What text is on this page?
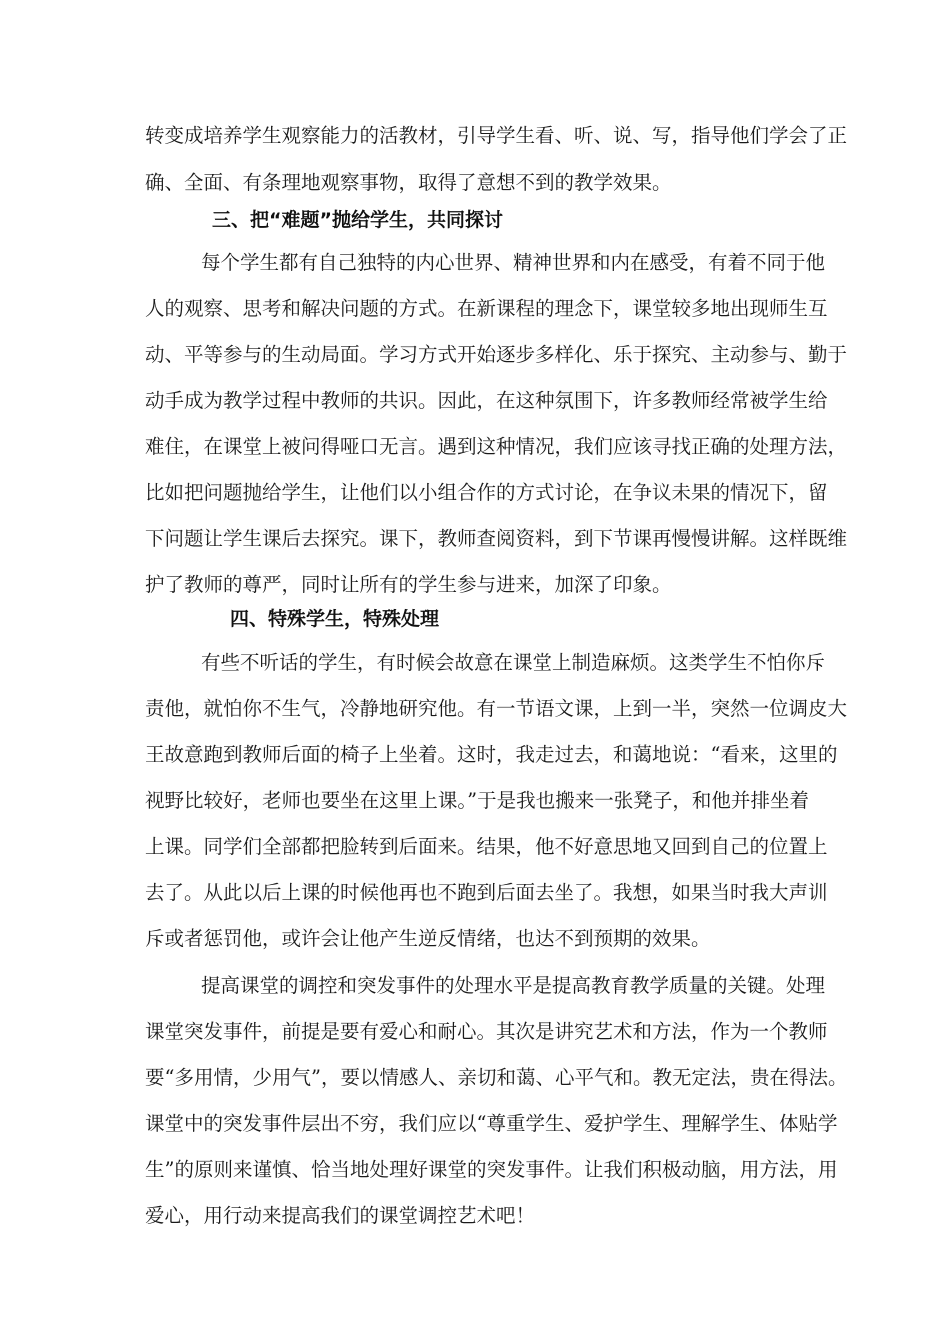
转变成培养学生观察能力的活教材，引导学生看、听、说、写，指导他们学会了正
确、全面、有条理地观察事物，取得了意想不到的教学效果。
三、把“难题”抛给学生，共同探讨
每个学生都有自己独特的内心世界、精神世界和内在感受，有着不同于他
人的观察、思考和解决问题的方式。在新课程的理念下，课堂较多地出现师生互
动、平等参与的生动局面。学习方式开始逐步多样化、乐于探究、主动参与、勤于
动手成为教学过程中教师的共识。因此，在这种氛围下，许多教师经常被学生给
难住，在课堂上被问得哑口无言。遇到这种情况，我们应该寻找正确的处理方法，
比如把问题抛给学生，让他们以小组合作的方式讨论，在争议未果的情况下，留
下问题让学生课后去探究。课下，教师查阅资料，到下节课再慢慢讲解。这样既维
护了教师的尊严，同时让所有的学生参与进来，加深了印象。
四、特殊学生，特殊处理
有些不听话的学生，有时候会故意在课堂上制造麻烦。这类学生不怕你斥
责他，就怕你不生气，冷静地研究他。有一节语文课，上到一半，突然一位调皮大
王故意跑到教师后面的椅子上坐着。这时，我走过去，和蔼地说：“看来，这里的
视野比较好，老师也要坐在这里上课。”于是我也搬来一张凳子，和他并排坐着
上课。同学们全部都把脸转到后面来。结果，他不好意思地又回到自己的位置上
去了。从此以后上课的时候他再也不跑到后面去坐了。我想，如果当时我大声训
斥或者惩罚他，或许会让他产生逆反情绪，也达不到预期的效果。
提高课堂的调控和突发事件的处理水平是提高教育教学质量的关键。处理
课堂突发事件，前提是要有爱心和耐心。其次是讲究艺术和方法，作为一个教师
要“多用情，少用气”，要以情感人、亲切和蔼、心平气和。教无定法，贵在得法。
课堂中的突发事件层出不穷，我们应以“尊重学生、爱护学生、理解学生、体贴学
生”的原则来谨慎、恰当地处理好课堂的突发事件。让我们积极动脑，用方法，用
爱心，用行动来提高我们的课堂调控艺术吧！
